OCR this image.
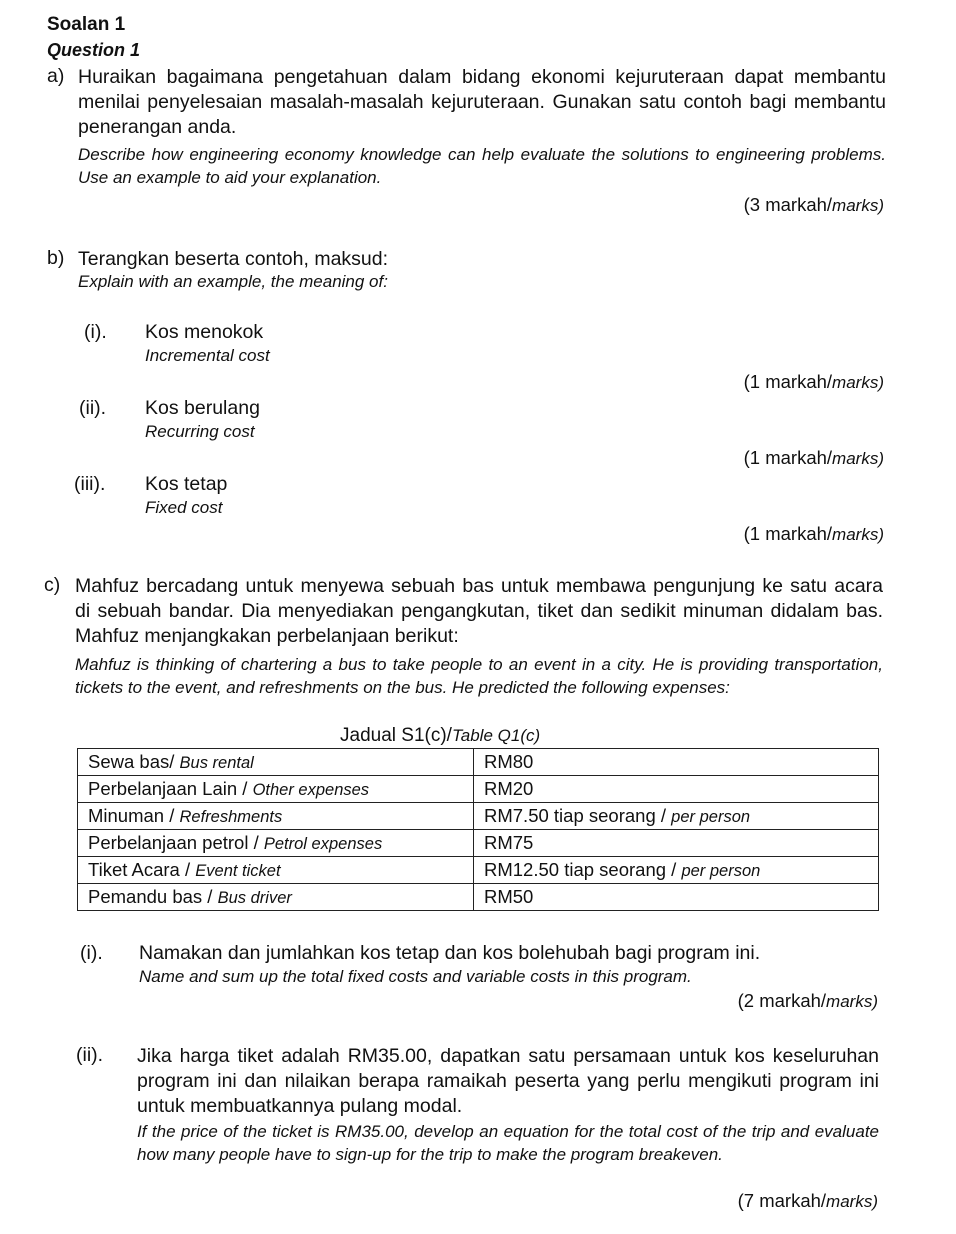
Soalan 1
Question 1
a) Huraikan bagaimana pengetahuan dalam bidang ekonomi kejuruteraan dapat membantu menilai penyelesaian masalah-masalah kejuruteraan. Gunakan satu contoh bagi membantu penerangan anda.
Describe how engineering economy knowledge can help evaluate the solutions to engineering problems. Use an example to aid your explanation.
(3 markah/marks)
b) Terangkan beserta contoh, maksud:
Explain with an example, the meaning of:
(i). Kos menokok
Incremental cost
(1 markah/marks)
(ii). Kos berulang
Recurring cost
(1 markah/marks)
(iii). Kos tetap
Fixed cost
(1 markah/marks)
c) Mahfuz bercadang untuk menyewa sebuah bas untuk membawa pengunjung ke satu acara di sebuah bandar. Dia menyediakan pengangkutan, tiket dan sedikit minuman didalam bas. Mahfuz menjangkakan perbelanjaan berikut:
Mahfuz is thinking of chartering a bus to take people to an event in a city. He is providing transportation, tickets to the event, and refreshments on the bus. He predicted the following expenses:
Jadual S1(c)/Table Q1(c)
Sewa bas/ Bus rental	RM80
Perbelanjaan Lain / Other expenses	RM20
Minuman / Refreshments	RM7.50 tiap seorang / per person
Perbelanjaan petrol / Petrol expenses	RM75
Tiket Acara / Event ticket	RM12.50 tiap seorang / per person
Pemandu bas / Bus driver	RM50
(i). Namakan dan jumlahkan kos tetap dan kos bolehubah bagi program ini.
Name and sum up the total fixed costs and variable costs in this program.
(2 markah/marks)
(ii). Jika harga tiket adalah RM35.00, dapatkan satu persamaan untuk kos keseluruhan program ini dan nilaikan berapa ramaikah peserta yang perlu mengikuti program ini untuk membuatkannya pulang modal.
If the price of the ticket is RM35.00, develop an equation for the total cost of the trip and evaluate how many people have to sign-up for the trip to make the program breakeven.
(7 markah/marks)
